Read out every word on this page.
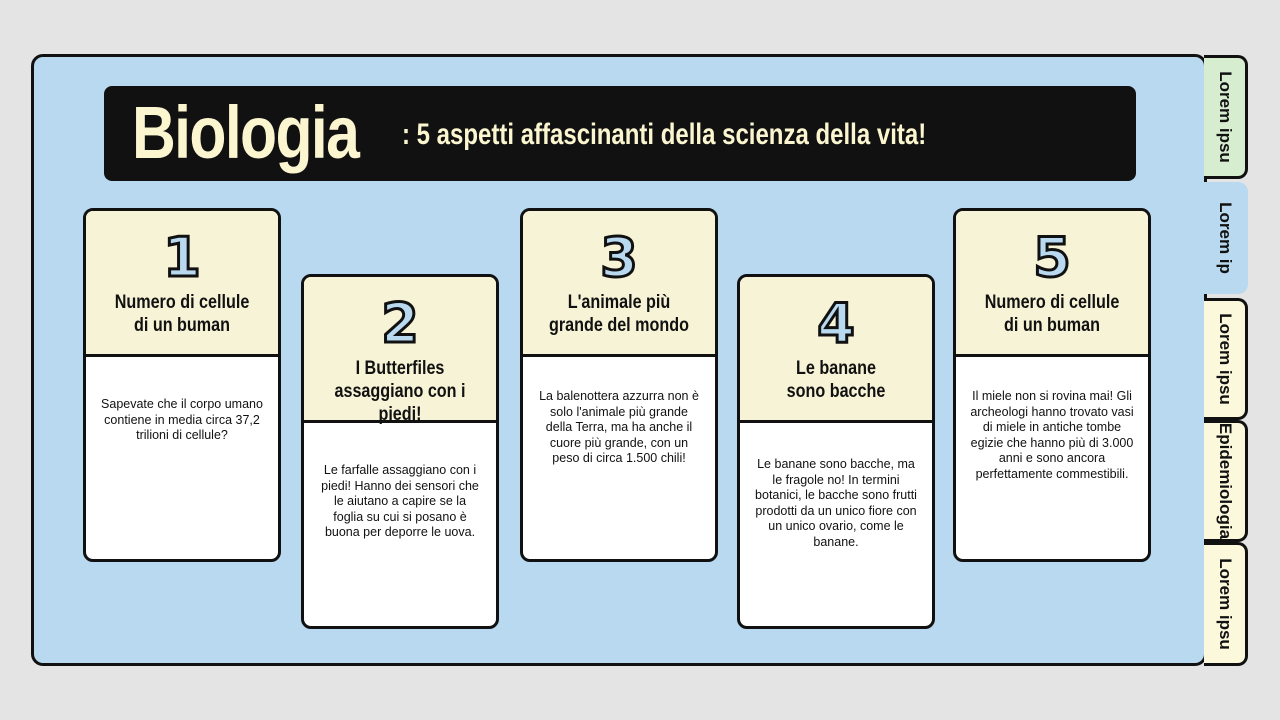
Biologia : 5 aspetti affascinanti della scienza della vita!
1
Numero di cellule di un buman
Sapevate che il corpo umano contiene in media circa 37,2 trilioni di cellule?
2
I Butterfiles assaggiano con i piedi!
Le farfalle assaggiano con i piedi! Hanno dei sensori che le aiutano a capire se la foglia su cui si posano è buona per deporre le uova.
3
L'animale più grande del mondo
La balenottera azzurra non è solo l'animale più grande della Terra, ma ha anche il cuore più grande, con un peso di circa 1.500 chili!
4
Le banane sono bacche
Le banane sono bacche, ma le fragole no! In termini botanici, le bacche sono frutti prodotti da un unico fiore con un unico ovario, come le banane.
5
Numero di cellule di un buman
Il miele non si rovina mai! Gli archeologi hanno trovato vasi di miele in antiche tombe egizie che hanno più di 3.000 anni e sono ancora perfettamente commestibili.
Lorem ipsu
Lorem ip
Lorem ipsu
Epidemiologia
Lorem ipsu
